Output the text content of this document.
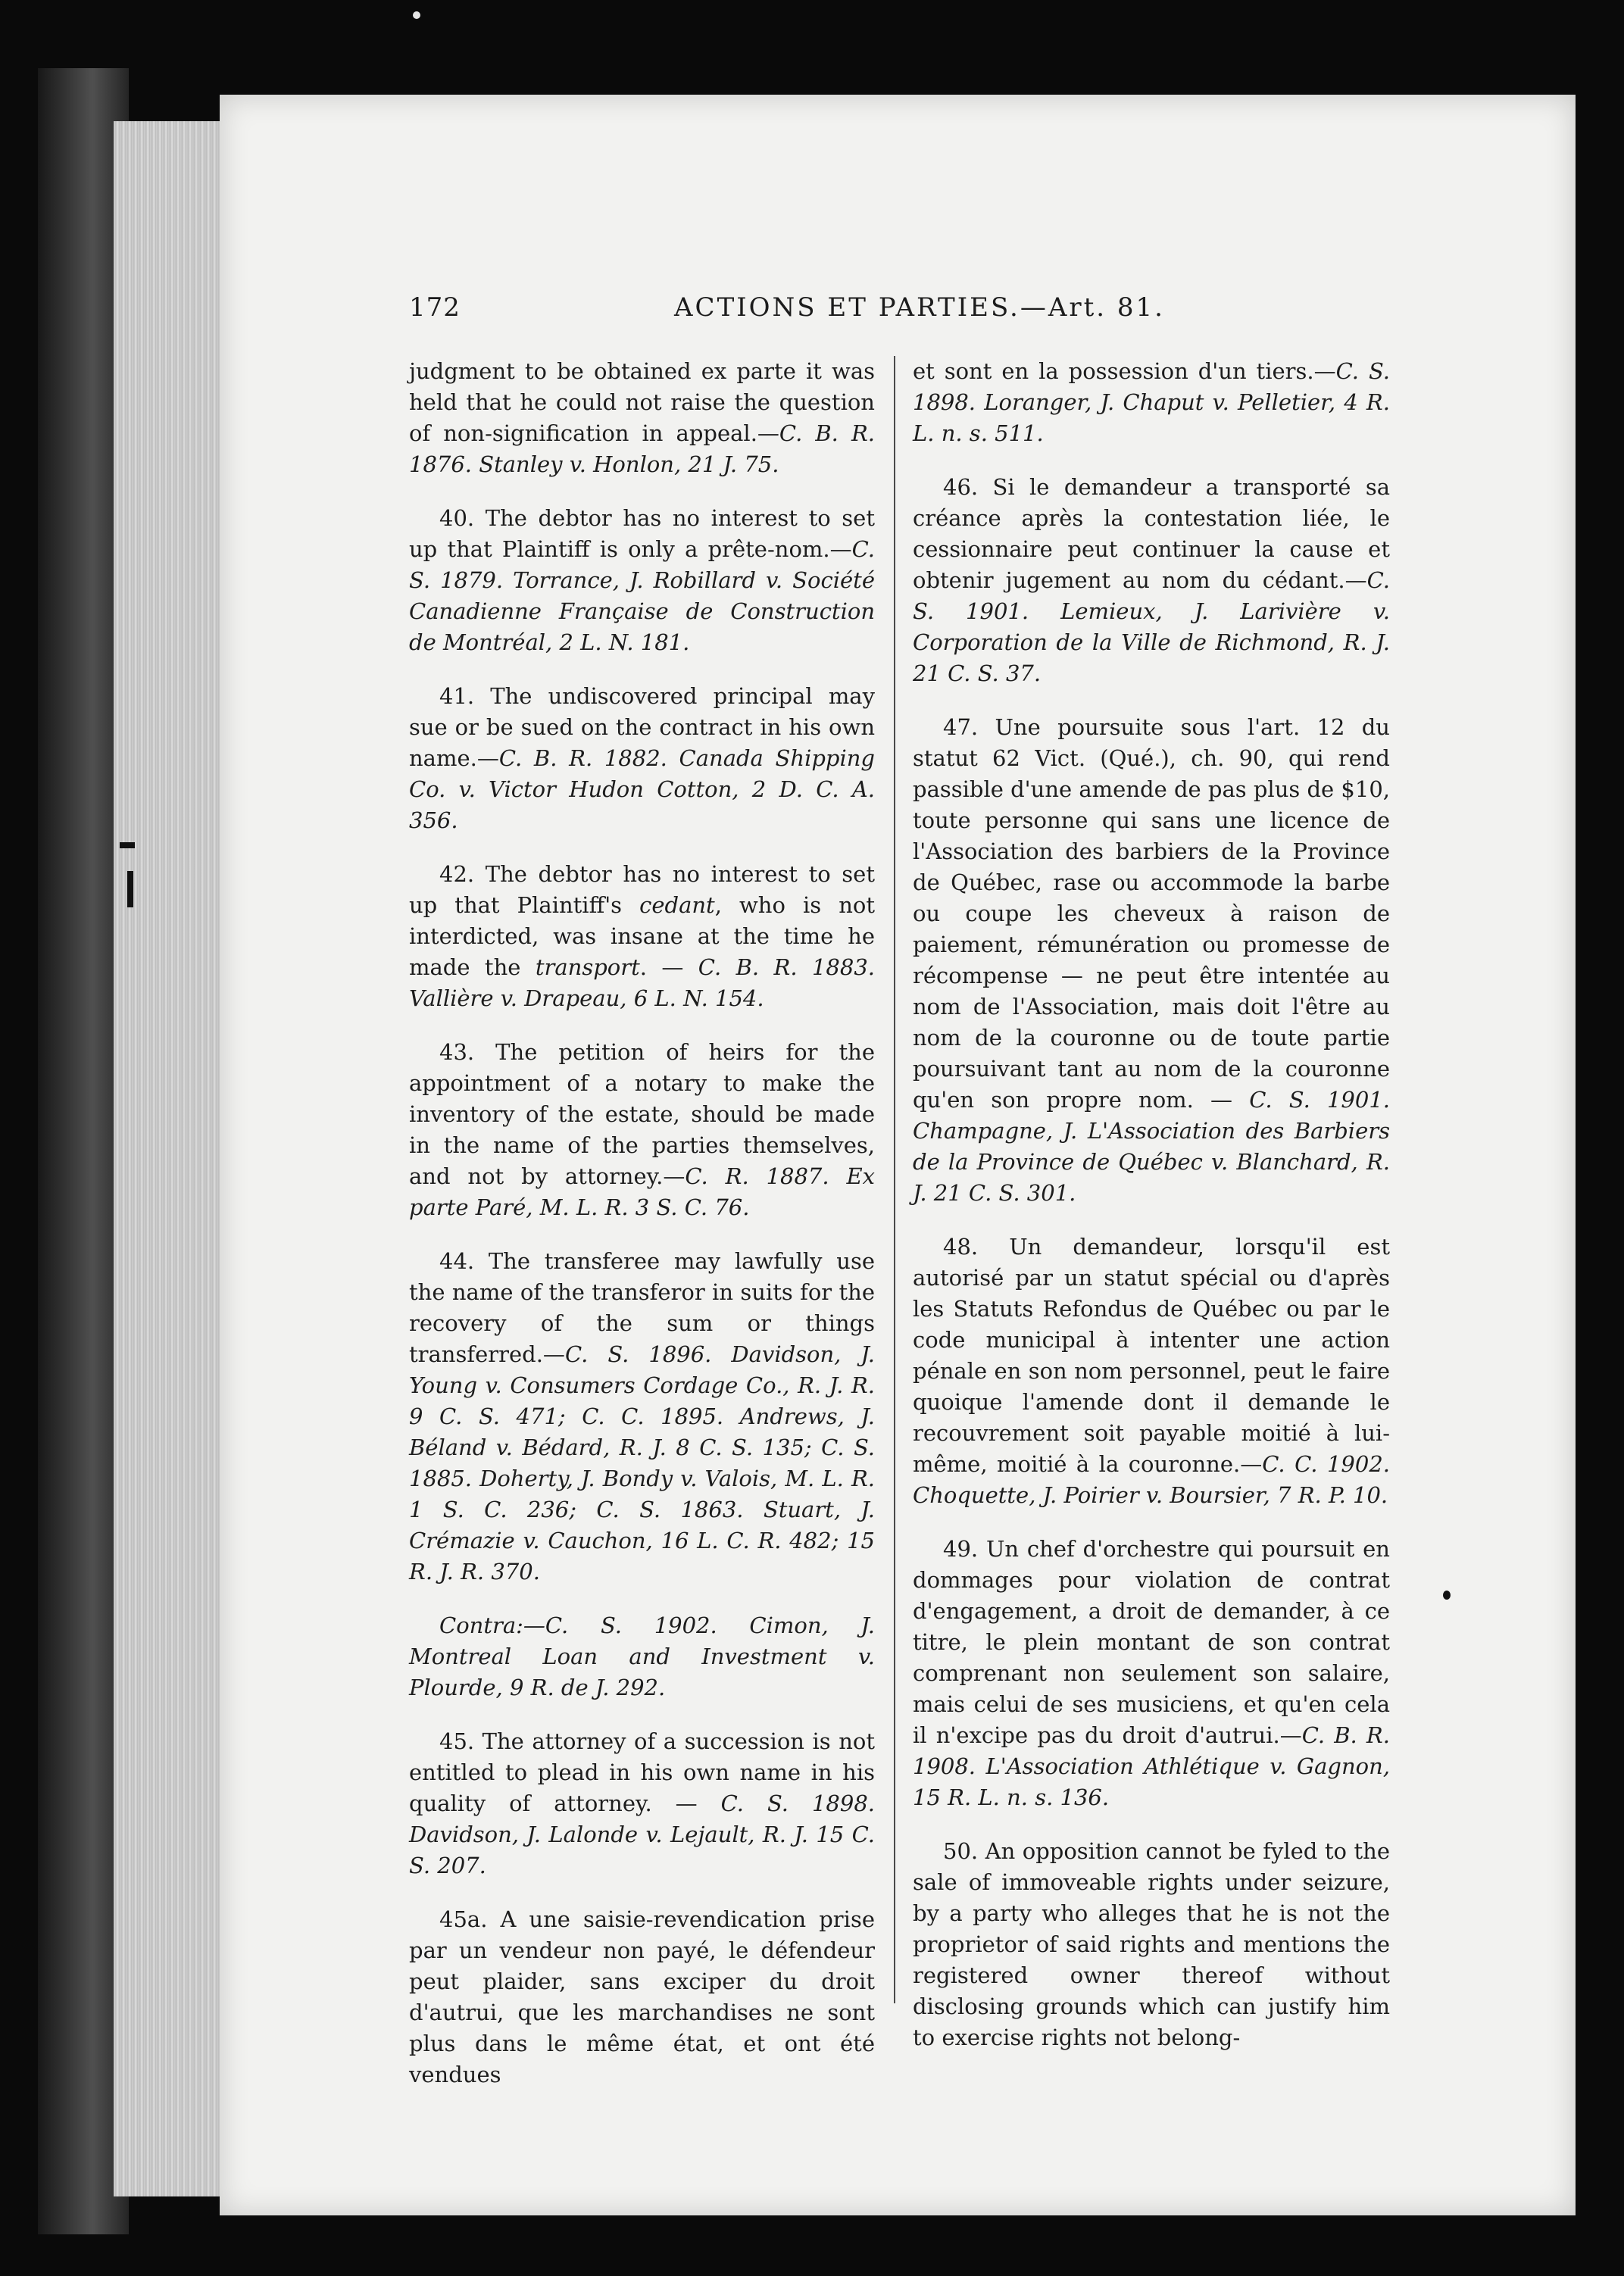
172	ACTIONS ET PARTIES.—Art. 81.

judgment to be obtained ex parte it was held that he could not raise the question of non-signification in appeal.—C. B. R. 1876. Stanley v. Honlon, 21 J. 75.

40. The debtor has no interest to set up that Plaintiff is only a prête-nom.—C. S. 1879. Torrance, J. Robillard v. Société Canadienne Française de Construction de Montréal, 2 L. N. 181.

41. The undiscovered principal may sue or be sued on the contract in his own name.—C. B. R. 1882. Canada Shipping Co. v. Victor Hudon Cotton, 2 D. C. A. 356.

42. The debtor has no interest to set up that Plaintiff's cedant, who is not interdicted, was insane at the time he made the transport. — C. B. R. 1883. Vallière v. Drapeau, 6 L. N. 154.

43. The petition of heirs for the appointment of a notary to make the inventory of the estate, should be made in the name of the parties themselves, and not by attorney.—C. R. 1887. Ex parte Paré, M. L. R. 3 S. C. 76.

44. The transferee may lawfully use the name of the transferor in suits for the recovery of the sum or things transferred.—C. S. 1896. Davidson, J. Young v. Consumers Cordage Co., R. J. R. 9 C. S. 471; C. C. 1895. Andrews, J. Béland v. Bédard, R. J. 8 C. S. 135; C. S. 1885. Doherty, J. Bondy v. Valois, M. L. R. 1 S. C. 236; C. S. 1863. Stuart, J. Crémazie v. Cauchon, 16 L. C. R. 482; 15 R. J. R. 370.

Contra:—C. S. 1902. Cimon, J. Montreal Loan and Investment v. Plourde, 9 R. de J. 292.

45. The attorney of a succession is not entitled to plead in his own name in his quality of attorney. — C. S. 1898. Davidson, J. Lalonde v. Lejault, R. J. 15 C. S. 207.

45a. A une saisie-revendication prise par un vendeur non payé, le défendeur peut plaider, sans exciper du droit d'autrui, que les marchandises ne sont plus dans le même état, et ont été vendues

et sont en la possession d'un tiers.—C. S. 1898. Loranger, J. Chaput v. Pelletier, 4 R. L. n. s. 511.

46. Si le demandeur a transporté sa créance après la contestation liée, le cessionnaire peut continuer la cause et obtenir jugement au nom du cédant.—C. S. 1901. Lemieux, J. Larivière v. Corporation de la Ville de Richmond, R. J. 21 C. S. 37.

47. Une poursuite sous l'art. 12 du statut 62 Vict. (Qué.), ch. 90, qui rend passible d'une amende de pas plus de $10, toute personne qui sans une licence de l'Association des barbiers de la Province de Québec, rase ou accommode la barbe ou coupe les cheveux à raison de paiement, rémunération ou promesse de récompense — ne peut être intentée au nom de l'Association, mais doit l'être au nom de la couronne ou de toute partie poursuivant tant au nom de la couronne qu'en son propre nom. — C. S. 1901. Champagne, J. L'Association des Barbiers de la Province de Québec v. Blanchard, R. J. 21 C. S. 301.

48. Un demandeur, lorsqu'il est autorisé par un statut spécial ou d'après les Statuts Refondus de Québec ou par le code municipal à intenter une action pénale en son nom personnel, peut le faire quoique l'amende dont il demande le recouvrement soit payable moitié à lui-même, moitié à la couronne.—C. C. 1902. Choquette, J. Poirier v. Boursier, 7 R. P. 10.

49. Un chef d'orchestre qui poursuit en dommages pour violation de contrat d'engagement, a droit de demander, à ce titre, le plein montant de son contrat comprenant non seulement son salaire, mais celui de ses musiciens, et qu'en cela il n'excipe pas du droit d'autrui.—C. B. R. 1908. L'Association Athlétique v. Gagnon, 15 R. L. n. s. 136.

50. An opposition cannot be fyled to the sale of immoveable rights under seizure, by a party who alleges that he is not the proprietor of said rights and mentions the registered owner thereof without disclosing grounds which can justify him to exercise rights not belong-
